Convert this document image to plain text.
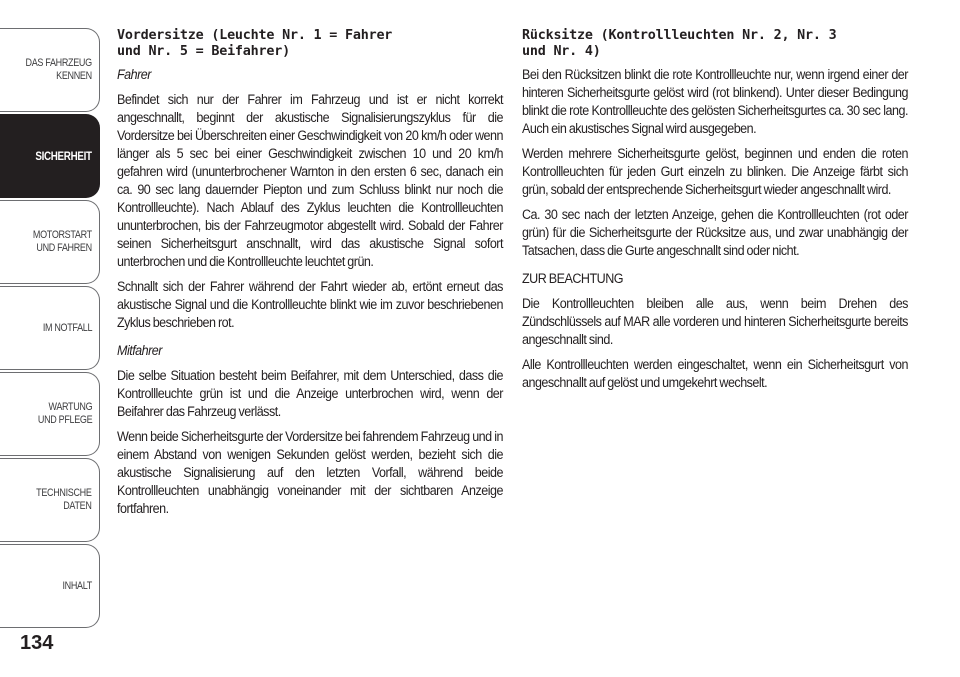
DAS FAHRZEUG
KENNEN
SICHERHEIT
MOTORSTART
UND FAHREN
IM NOTFALL
WARTUNG
UND PFLEGE
TECHNISCHE
DATEN
INHALT
134
Vordersitze (Leuchte Nr. 1 = Fahrer
und Nr. 5 = Beifahrer)

Fahrer

Befindet sich nur der Fahrer im Fahrzeug und ist er nicht korrekt angeschnallt, beginnt der akustische Signalisierungszyklus für die Vordersitze bei Überschreiten einer Geschwindigkeit von 20 km/h oder wenn länger als 5 sec bei einer Geschwindigkeit zwischen 10 und 20 km/h gefahren wird (ununterbrochener Warnton in den ersten 6 sec, danach ein ca. 90 sec lang dauernder Piepton und zum Schluss blinkt nur noch die Kontrollleuchte). Nach Ablauf des Zyklus leuchten die Kontrollleuchten ununterbrochen, bis der Fahrzeugmotor abgestellt wird. Sobald der Fahrer seinen Sicherheitsgurt anschnallt, wird das akustische Signal sofort unterbrochen und die Kontrollleuchte leuchtet grün.

Schnallt sich der Fahrer während der Fahrt wieder ab, ertönt erneut das akustische Signal und die Kontrollleuchte blinkt wie im zuvor beschriebenen Zyklus beschrieben rot.

Mitfahrer

Die selbe Situation besteht beim Beifahrer, mit dem Unterschied, dass die Kontrollleuchte grün ist und die Anzeige unterbrochen wird, wenn der Beifahrer das Fahrzeug verlässt.

Wenn beide Sicherheitsgurte der Vordersitze bei fahrendem Fahrzeug und in einem Abstand von wenigen Sekunden gelöst werden, bezieht sich die akustische Signalisierung auf den letzten Vorfall, während beide Kontrollleuchten unabhängig voneinander mit der sichtbaren Anzeige fortfahren.

Rücksitze (Kontrollleuchten Nr. 2, Nr. 3
und Nr. 4)

Bei den Rücksitzen blinkt die rote Kontrollleuchte nur, wenn irgend einer der hinteren Sicherheitsgurte gelöst wird (rot blinkend). Unter dieser Bedingung blinkt die rote Kontrollleuchte des gelösten Sicherheitsgurtes ca. 30 sec lang. Auch ein akustisches Signal wird ausgegeben.

Werden mehrere Sicherheitsgurte gelöst, beginnen und enden die roten Kontrollleuchten für jeden Gurt einzeln zu blinken. Die Anzeige färbt sich grün, sobald der entsprechende Sicherheitsgurt wieder angeschnallt wird.

Ca. 30 sec nach der letzten Anzeige, gehen die Kontrollleuchten (rot oder grün) für die Sicherheitsgurte der Rücksitze aus, und zwar unabhängig der Tatsachen, dass die Gurte angeschnallt sind oder nicht.

ZUR BEACHTUNG

Die Kontrollleuchten bleiben alle aus, wenn beim Drehen des Zündschlüssels auf MAR alle vorderen und hinteren Sicherheitsgurte bereits angeschnallt sind.

Alle Kontrollleuchten werden eingeschaltet, wenn ein Sicherheitsgurt von angeschnallt auf gelöst und umgekehrt wechselt.
